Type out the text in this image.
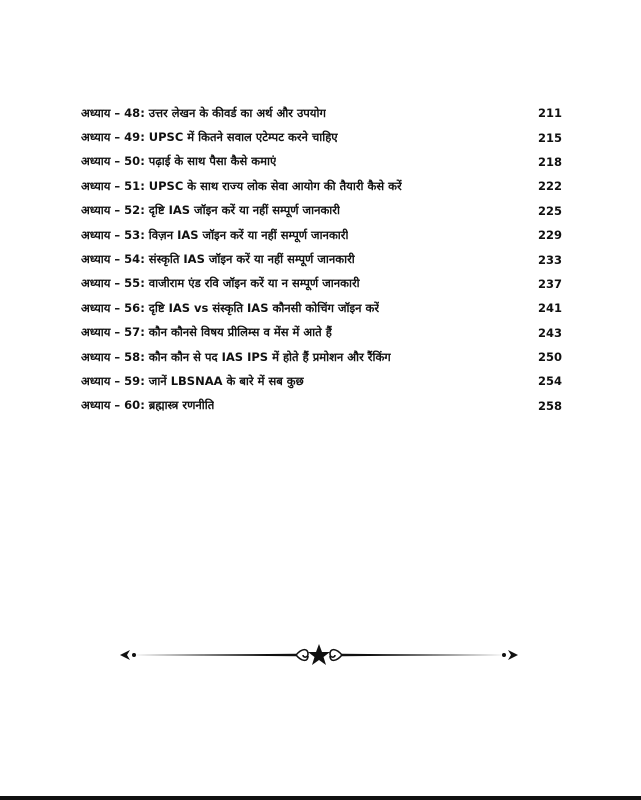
अध्याय – 48: उत्तर लेखन के कीवर्ड का अर्थ और उपयोग	211
अध्याय – 49: UPSC में कितने सवाल एटेम्पट करने चाहिए	215
अध्याय – 50: पढ़ाई के साथ पैसा कैसे कमाएं	218
अध्याय – 51: UPSC के साथ राज्य लोक सेवा आयोग की तैयारी कैसे करें	222
अध्याय – 52: दृष्टि IAS जॉइन करें या नहीं सम्पूर्ण जानकारी	225
अध्याय – 53: विज़न IAS जॉइन करें या नहीं सम्पूर्ण जानकारी	229
अध्याय – 54: संस्कृति IAS जॉइन करें या नहीं सम्पूर्ण जानकारी	233
अध्याय – 55: वाजीराम एंड रवि जॉइन करें या न सम्पूर्ण जानकारी	237
अध्याय – 56: दृष्टि IAS vs संस्कृति IAS कौनसी कोचिंग जॉइन करें	241
अध्याय – 57: कौन कौनसे विषय प्रीलिम्स व मेंस में आते हैं	243
अध्याय – 58: कौन कौन से पद IAS IPS में होते हैं प्रमोशन और रैंकिंग	250
अध्याय – 59: जानें LBSNAA के बारे में सब कुछ	254
अध्याय – 60: ब्रह्मास्त्र रणनीति	258
